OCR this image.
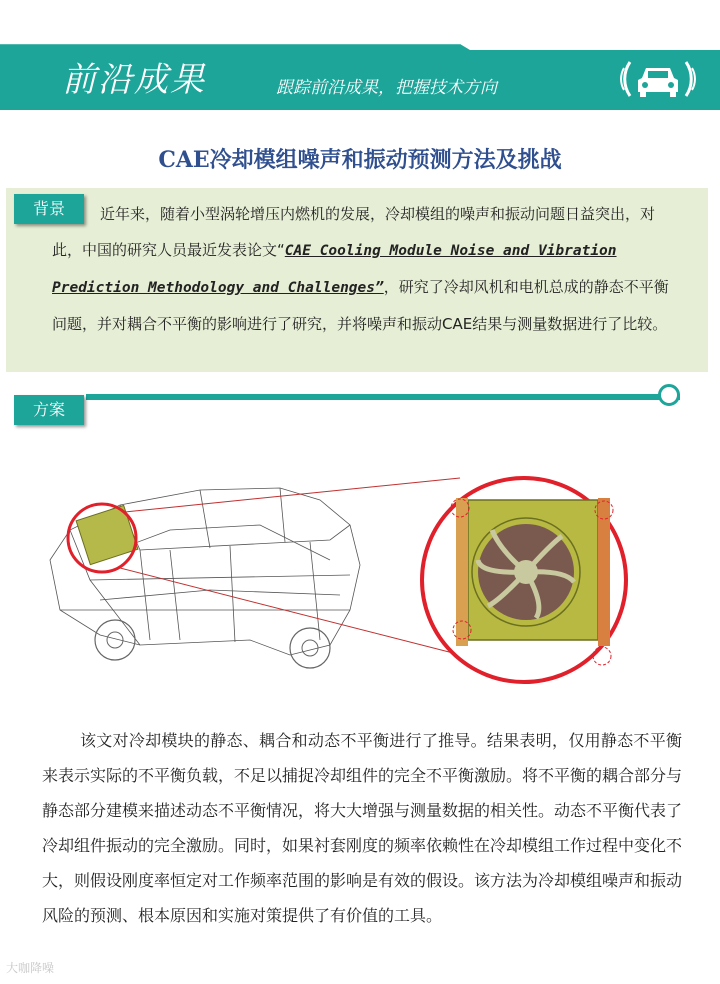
前沿成果	跟踪前沿成果，把握技术方向
CAE冷却模组噪声和振动预测方法及挑战
背景	近年来，随着小型涡轮增压内燃机的发展，冷却模组的噪声和振动问题日益突出，对此，中国的研究人员最近发表论文“CAE Cooling Module Noise and Vibration Prediction Methodology and Challenges”，研究了冷却风机和电机总成的静态不平衡问题，并对耦合不平衡的影响进行了研究，并将噪声和振动CAE结果与测量数据进行了比较。
方案
该文对冷却模块的静态、耦合和动态不平衡进行了推导。结果表明，仅用静态不平衡来表示实际的不平衡负载，不足以捕捉冷却组件的完全不平衡激励。将不平衡的耦合部分与静态部分建模来描述动态不平衡情况，将大大增强与测量数据的相关性。动态不平衡代表了冷却组件振动的完全激励。同时，如果衬套刚度的频率依赖性在冷却模组工作过程中变化不大，则假设刚度率恒定对工作频率范围的影响是有效的假设。该方法为冷却模组噪声和振动风险的预测、根本原因和实施对策提供了有价值的工具。
大咖降噪
